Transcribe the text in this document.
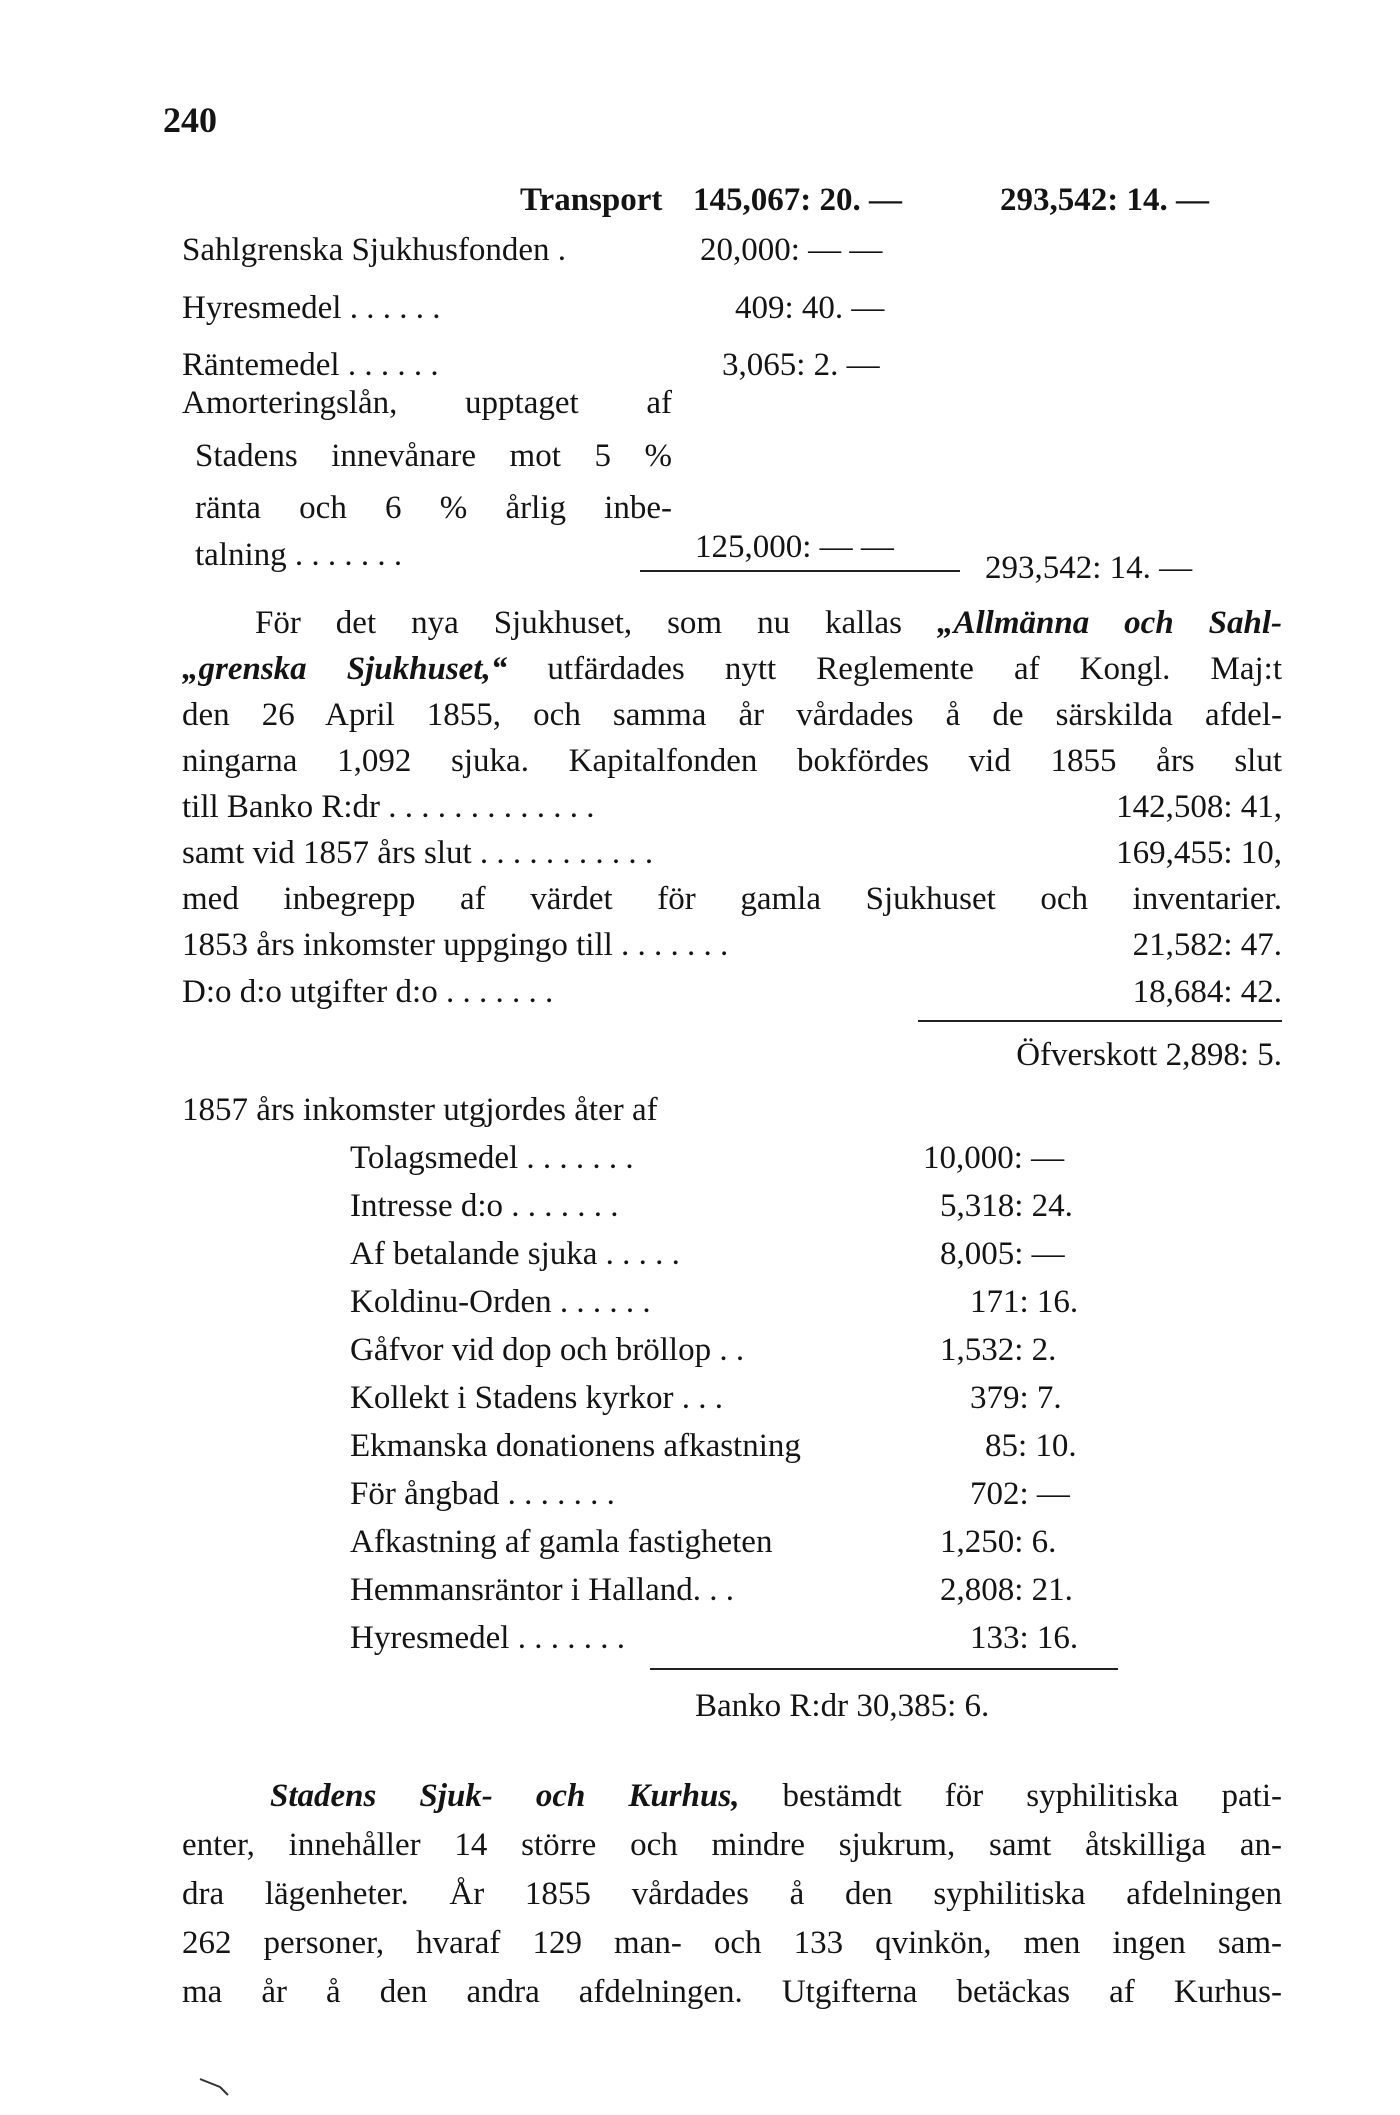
240
Transport 145,067: 20. —	293,542: 14. —
Sahlgrenska Sjukhusfonden .	20,000: — —
Hyresmedel . . . . . .	409: 40. —
Räntemedel . . . . . .	3,065: 2. —
Amorteringslån, upptaget af
Stadens innevånare mot 5 %
ränta och 6 % årlig inbe-
talning . . . . . . .	125,000: — —
293,542: 14. —
För det nya Sjukhuset, som nu kallas „Allmänna och Sahl-
„grenska Sjukhuset,“ utfärdades nytt Reglemente af Kongl. Maj:t
den 26 April 1855, och samma år vårdades å de särskilda afdel-
ningarna 1,092 sjuka. Kapitalfonden bokfördes vid 1855 års slut
till Banko R:dr . . . . . . . . . . . . .	142,508: 41,
samt vid 1857 års slut . . . . . . . . . . .	169,455: 10,
med inbegrepp af värdet för gamla Sjukhuset och inventarier.
1853 års inkomster uppgingo till . . . . . . .	21,582: 47.
D:o d:o utgifter d:o . . . . . . .	18,684: 42.
Öfverskott 2,898: 5.
1857 års inkomster utgjordes åter af
Tolagsmedel . . . . . . .	10,000: —
Intresse d:o . . . . . . .	5,318: 24.
Af betalande sjuka . . . . .	8,005: —
Koldinu-Orden . . . . . .	171: 16.
Gåfvor vid dop och bröllop . .	1,532: 2.
Kollekt i Stadens kyrkor . . .	379: 7.
Ekmanska donationens afkastning	85: 10.
För ångbad . . . . . . .	702: —
Afkastning af gamla fastigheten	1,250: 6.
Hemmansräntor i Halland. . .	2,808: 21.
Hyresmedel . . . . . . .	133: 16.
Banko R:dr 30,385: 6.
Stadens Sjuk- och Kurhus, bestämdt för syphilitiska pati-
enter, innehåller 14 större och mindre sjukrum, samt åtskilliga an-
dra lägenheter. År 1855 vårdades å den syphilitiska afdelningen
262 personer, hvaraf 129 man- och 133 qvinkön, men ingen sam-
ma år å den andra afdelningen. Utgifterna betäckas af Kurhus-
